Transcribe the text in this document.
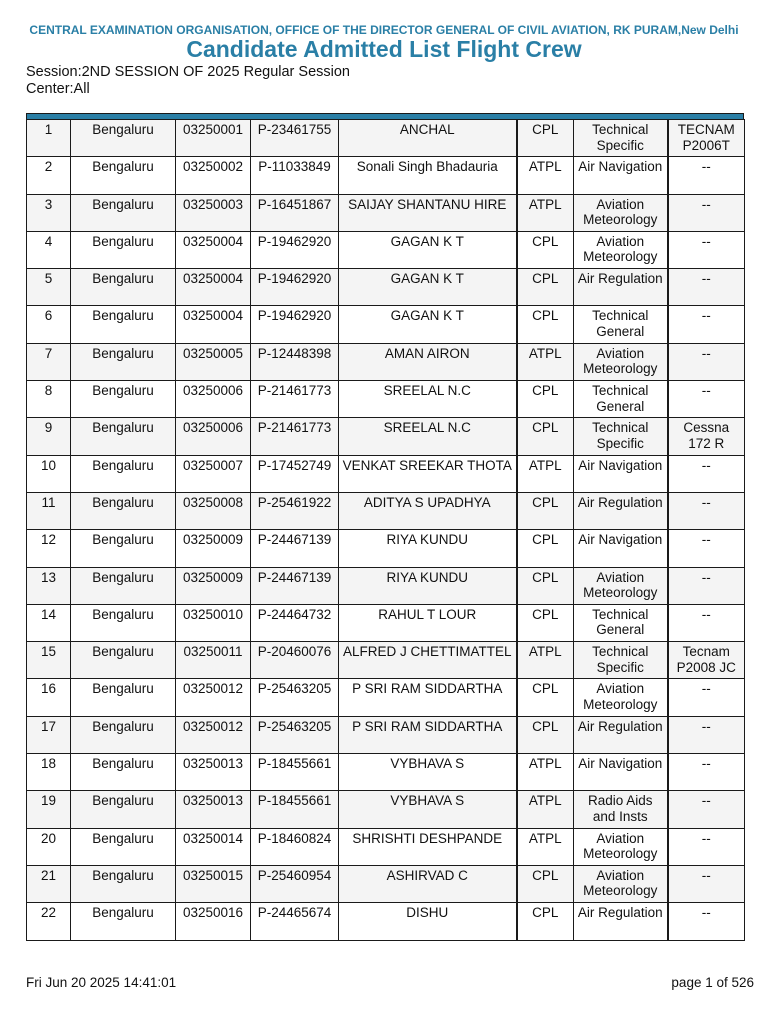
CENTRAL EXAMINATION ORGANISATION, OFFICE OF THE DIRECTOR GENERAL OF CIVIL AVIATION, RK PURAM,New Delhi
Candidate Admitted List Flight Crew
Session:2ND SESSION OF 2025 Regular Session
Center:All
1	Bengaluru	03250001	P-23461755	ANCHAL	CPL	Technical Specific	TECNAM P2006T
2	Bengaluru	03250002	P-11033849	Sonali Singh Bhadauria	ATPL	Air Navigation	--
3	Bengaluru	03250003	P-16451867	SAIJAY SHANTANU HIRE	ATPL	Aviation Meteorology	--
4	Bengaluru	03250004	P-19462920	GAGAN K T	CPL	Aviation Meteorology	--
5	Bengaluru	03250004	P-19462920	GAGAN K T	CPL	Air Regulation	--
6	Bengaluru	03250004	P-19462920	GAGAN K T	CPL	Technical General	--
7	Bengaluru	03250005	P-12448398	AMAN AIRON	ATPL	Aviation Meteorology	--
8	Bengaluru	03250006	P-21461773	SREELAL N.C	CPL	Technical General	--
9	Bengaluru	03250006	P-21461773	SREELAL N.C	CPL	Technical Specific	Cessna 172 R
10	Bengaluru	03250007	P-17452749	VENKAT SREEKAR THOTA	ATPL	Air Navigation	--
11	Bengaluru	03250008	P-25461922	ADITYA S UPADHYA	CPL	Air Regulation	--
12	Bengaluru	03250009	P-24467139	RIYA KUNDU	CPL	Air Navigation	--
13	Bengaluru	03250009	P-24467139	RIYA KUNDU	CPL	Aviation Meteorology	--
14	Bengaluru	03250010	P-24464732	RAHUL T LOUR	CPL	Technical General	--
15	Bengaluru	03250011	P-20460076	ALFRED J CHETTIMATTEL	ATPL	Technical Specific	Tecnam P2008 JC
16	Bengaluru	03250012	P-25463205	P SRI RAM SIDDARTHA	CPL	Aviation Meteorology	--
17	Bengaluru	03250012	P-25463205	P SRI RAM SIDDARTHA	CPL	Air Regulation	--
18	Bengaluru	03250013	P-18455661	VYBHAVA S	ATPL	Air Navigation	--
19	Bengaluru	03250013	P-18455661	VYBHAVA S	ATPL	Radio Aids and Insts	--
20	Bengaluru	03250014	P-18460824	SHRISHTI DESHPANDE	ATPL	Aviation Meteorology	--
21	Bengaluru	03250015	P-25460954	ASHIRVAD C	CPL	Aviation Meteorology	--
22	Bengaluru	03250016	P-24465674	DISHU	CPL	Air Regulation	--
Fri Jun 20 2025 14:41:01	page 1 of 526
